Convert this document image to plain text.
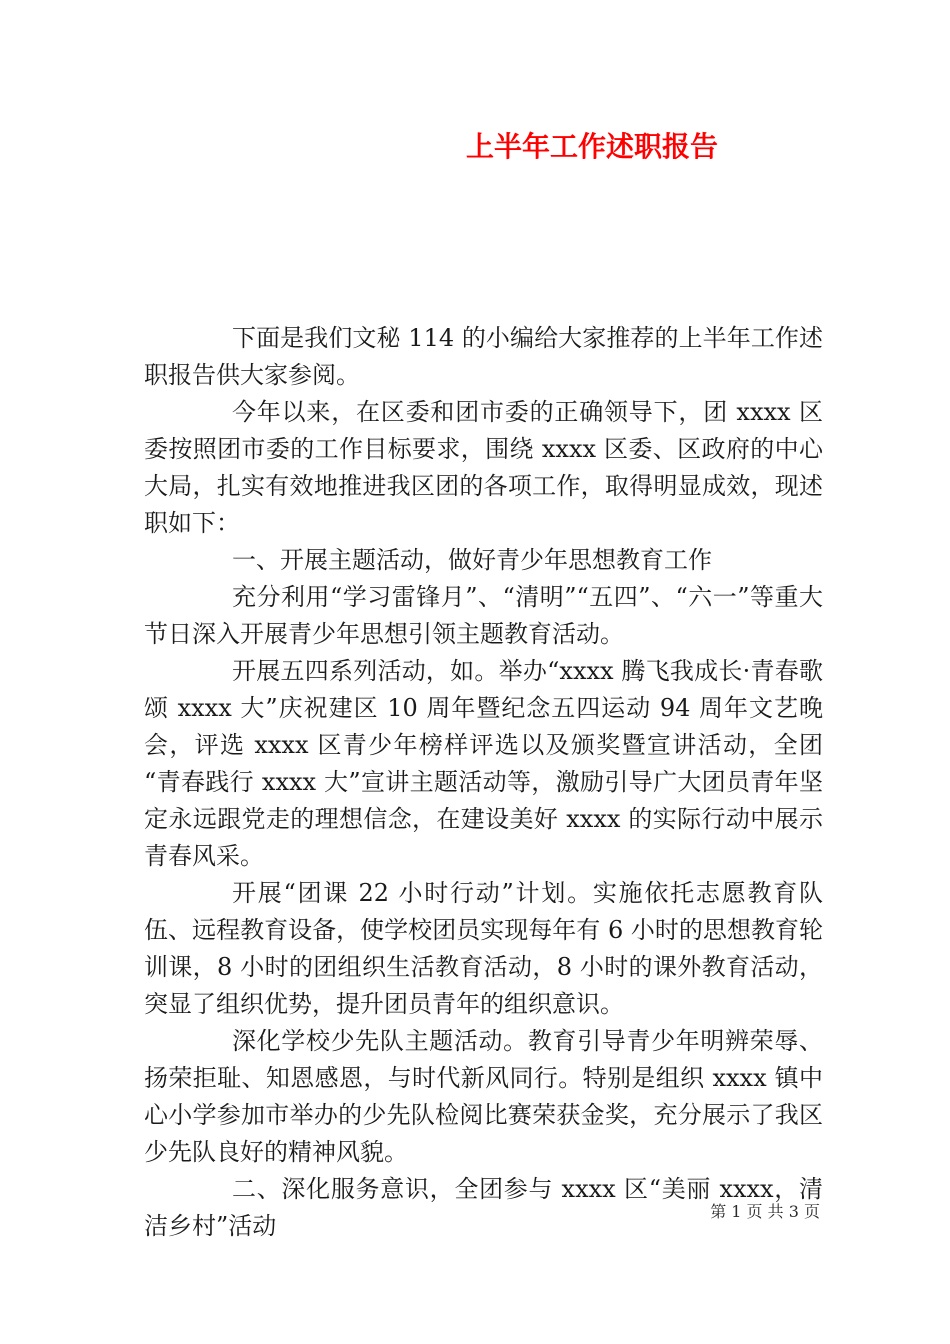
上半年工作述职报告

下面是我们文秘 114 的小编给大家推荐的上半年工作述职报告供大家参阅。

今年以来，在区委和团市委的正确领导下，团 xxxx 区委按照团市委的工作目标要求，围绕 xxxx 区委、区政府的中心大局，扎实有效地推进我区团的各项工作，取得明显成效，现述职如下：

一、开展主题活动，做好青少年思想教育工作

充分利用“学习雷锋月”、“清明”“五四”、“六一”等重大节日深入开展青少年思想引领主题教育活动。

开展五四系列活动，如。举办“xxxx 腾飞我成长·青春歌颂 xxxx 大”庆祝建区 10 周年暨纪念五四运动 94 周年文艺晚会，评选 xxxx 区青少年榜样评选以及颁奖暨宣讲活动，全团“青春践行 xxxx 大”宣讲主题活动等，激励引导广大团员青年坚定永远跟党走的理想信念，在建设美好 xxxx 的实际行动中展示青春风采。

开展“团课 22 小时行动”计划。实施依托志愿教育队伍、远程教育设备，使学校团员实现每年有 6 小时的思想教育轮训课，8 小时的团组织生活教育活动，8 小时的课外教育活动，突显了组织优势，提升团员青年的组织意识。

深化学校少先队主题活动。教育引导青少年明辨荣辱、扬荣拒耻、知恩感恩，与时代新风同行。特别是组织 xxxx 镇中心小学参加市举办的少先队检阅比赛荣获金奖，充分展示了我区少先队良好的精神风貌。

二、深化服务意识，全团参与 xxxx 区“美丽 xxxx，清洁乡村”活动

第 1 页 共 3 页
